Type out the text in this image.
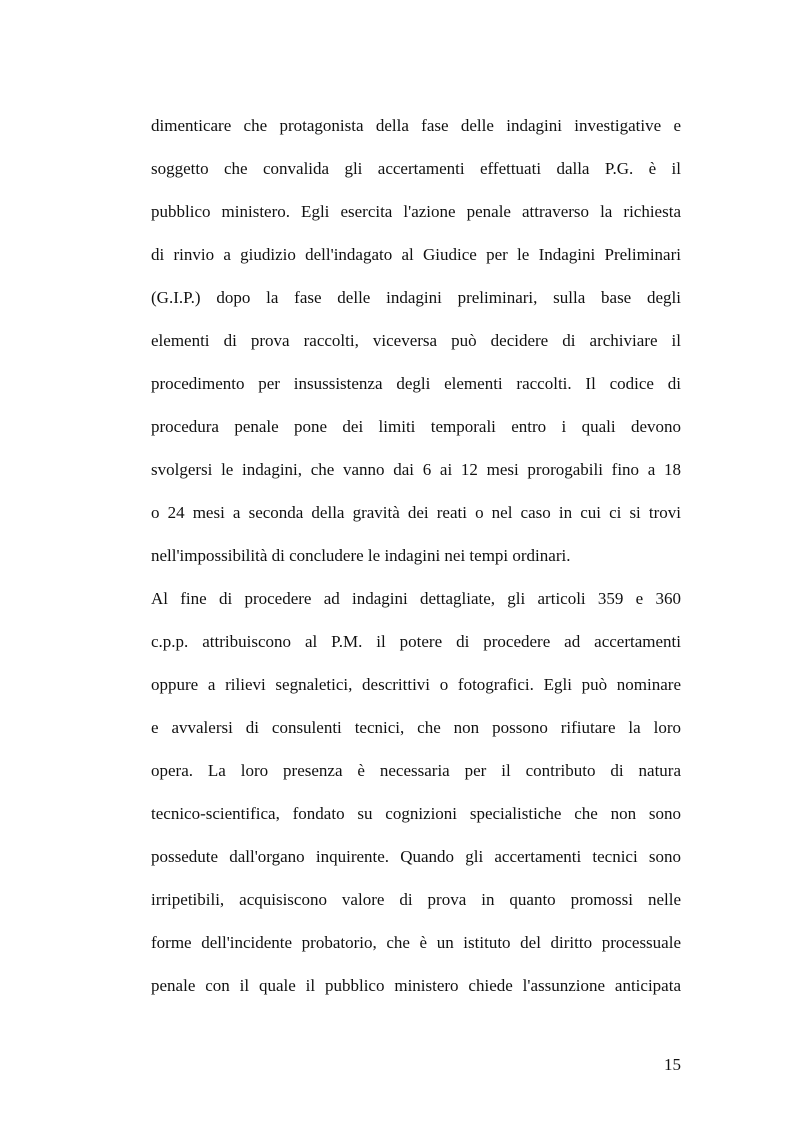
dimenticare che protagonista della fase delle indagini investigative e
soggetto che convalida gli accertamenti effettuati dalla P.G. è il
pubblico ministero. Egli esercita l'azione penale attraverso la richiesta
di rinvio a giudizio dell'indagato al Giudice per le Indagini Preliminari
(G.I.P.) dopo la fase delle indagini preliminari, sulla base degli
elementi di prova raccolti, viceversa può decidere di archiviare il
procedimento per insussistenza degli elementi raccolti. Il codice di
procedura penale pone dei limiti temporali entro i quali devono
svolgersi le indagini, che vanno dai 6 ai 12 mesi prorogabili fino a 18
o 24 mesi a seconda della gravità dei reati o nel caso in cui ci si trovi
nell'impossibilità di concludere le indagini nei tempi ordinari.
Al fine di procedere ad indagini dettagliate, gli articoli 359 e 360
c.p.p. attribuiscono al P.M. il potere di procedere ad accertamenti
oppure a rilievi segnaletici, descrittivi o fotografici. Egli può nominare
e avvalersi di consulenti tecnici, che non possono rifiutare la loro
opera. La loro presenza è necessaria per il contributo di natura
tecnico-scientifica, fondato su cognizioni specialistiche che non sono
possedute dall'organo inquirente. Quando gli accertamenti tecnici sono
irripetibili, acquisiscono valore di prova in quanto promossi nelle
forme dell'incidente probatorio, che è un istituto del diritto processuale
penale con il quale il pubblico ministero chiede l'assunzione anticipata
15
